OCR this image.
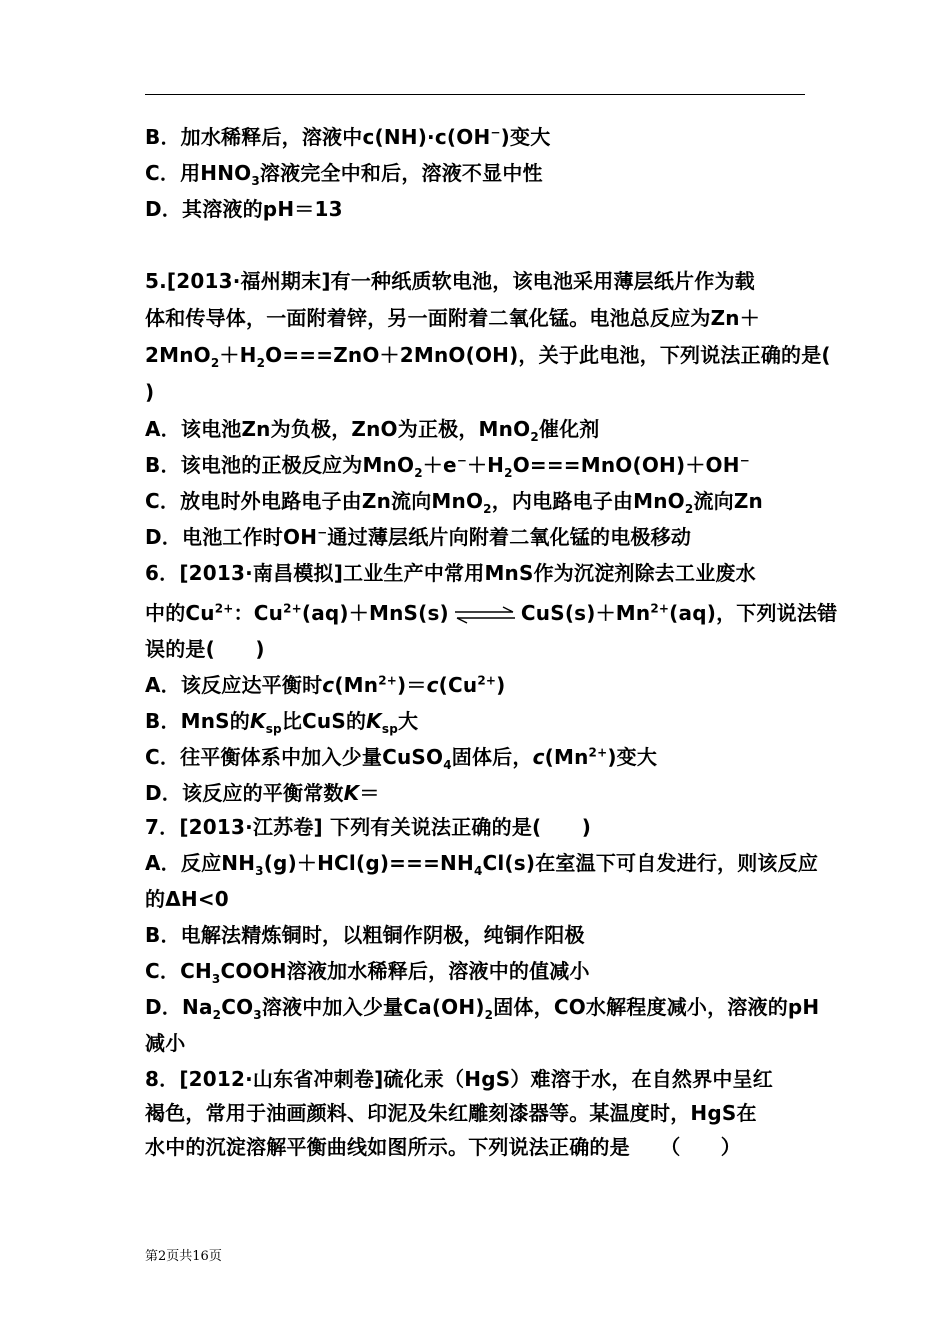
B．加水稀释后，溶液中c(NH)·c(OH−)变大
C．用$HNO_3$溶液完全中和后，溶液不显中性
D．其溶液的pH＝13
5.[2013·福州期末]有一种纸质软电池，该电池采用薄层纸片作为载
体和传导体，一面附着锌，另一面附着二氧化锰。电池总反应为Zn＋
$2MnO_2+H_2O===ZnO+2MnO(OH)$，关于此电池，下列说法正确的是(
)
A．该电池Zn为负极，ZnO为正极，MnO$_2$催化剂
B．该电池的正极反应为$MnO_2+e^-+H_2O===MnO(OH)+OH^-$
C．放电时外电路电子由Zn流向MnO$_2$，内电路电子由MnO$_2$流向Zn
D．电池工作时OH−通过薄层纸片向附着二氧化锰的电极移动
6．[2013·南昌模拟]工业生产中常用MnS作为沉淀剂除去工业废水
中的$Cu^{2+}$：$Cu^{2+}(aq)+MnS(s)$ ⇌ $CuS(s)+Mn^{2+}(aq)$，下列说法错
误的是(　　)
A．该反应达平衡时$c(Mn^{2+})=c(Cu^{2+})$
B．MnS的$K_{sp}$比CuS的$K_{sp}$大
C．往平衡体系中加入少量CuSO$_4$固体后，$c(Mn^{2+})$变大
D．该反应的平衡常数K＝
7．[2013·江苏卷] 下列有关说法正确的是(　　)
A．反应$NH_3(g)+HCl(g)===NH_4Cl(s)$在室温下可自发进行，则该反应
的ΔH<0
B．电解法精炼铜时，以粗铜作阴极，纯铜作阳极
C．$CH_3COOH$溶液加水稀释后，溶液中的值减小
D．$Na_2CO_3$溶液中加入少量$Ca(OH)_2$固体，CO水解程度减小，溶液的pH
减小
8．[2012·山东省冲刺卷]硫化汞（HgS）难溶于水，在自然界中呈红
褐色，常用于油画颜料、印泥及朱红雕刻漆器等。某温度时，HgS在
水中的沉淀溶解平衡曲线如图所示。下列说法正确的是　　（　　）
第2页共16页
